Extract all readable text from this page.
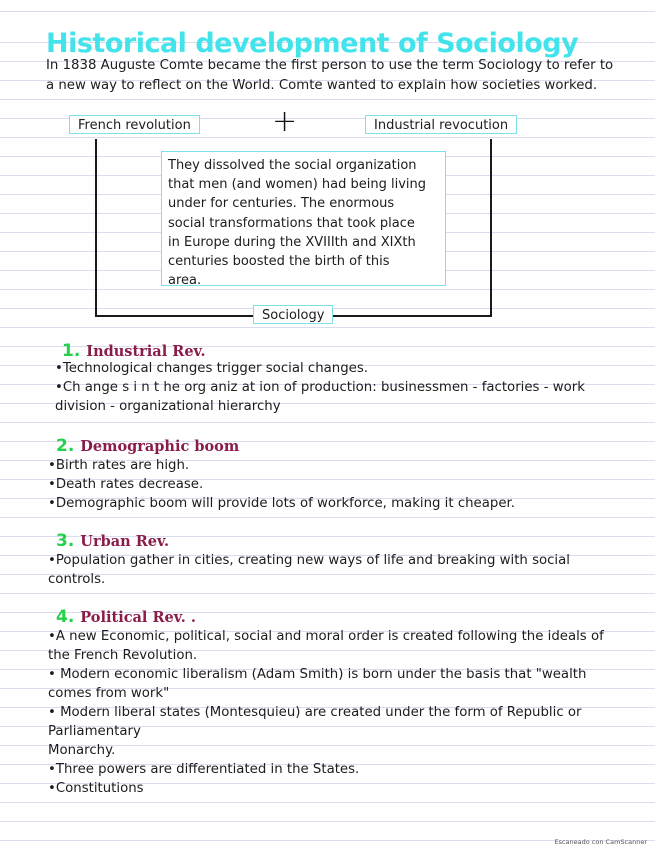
Historical development of Sociology
In 1838 Auguste Comte became the first person to use the term Sociology to refer to
a new way to reflect on the World. Comte wanted to explain how societies worked.
French revolution	+	Industrial revocution
They dissolved the social organization
that men (and women) had being living
under for centuries. The enormous
social transformations that took place
in Europe during the XVIIIth and XIXth
centuries boosted the birth of this
area.
Sociology
1. Industrial Rev.
•Technological changes trigger social changes.
•Ch ange s i n t he org aniz at ion of production: businessmen - factories - work
division - organizational hierarchy
2. Demographic boom
•Birth rates are high.
•Death rates decrease.
•Demographic boom will provide lots of workforce, making it cheaper.
3. Urban Rev.
•Population gather in cities, creating new ways of life and breaking with social
controls.
4. Political Rev. .
•A new Economic, political, social and moral order is created following the ideals of
the French Revolution.
• Modern economic liberalism (Adam Smith) is born under the basis that "wealth
comes from work"
• Modern liberal states (Montesquieu) are created under the form of Republic or
Parliamentary
Monarchy.
•Three powers are differentiated in the States.
•Constitutions
Escaneado con CamScanner
